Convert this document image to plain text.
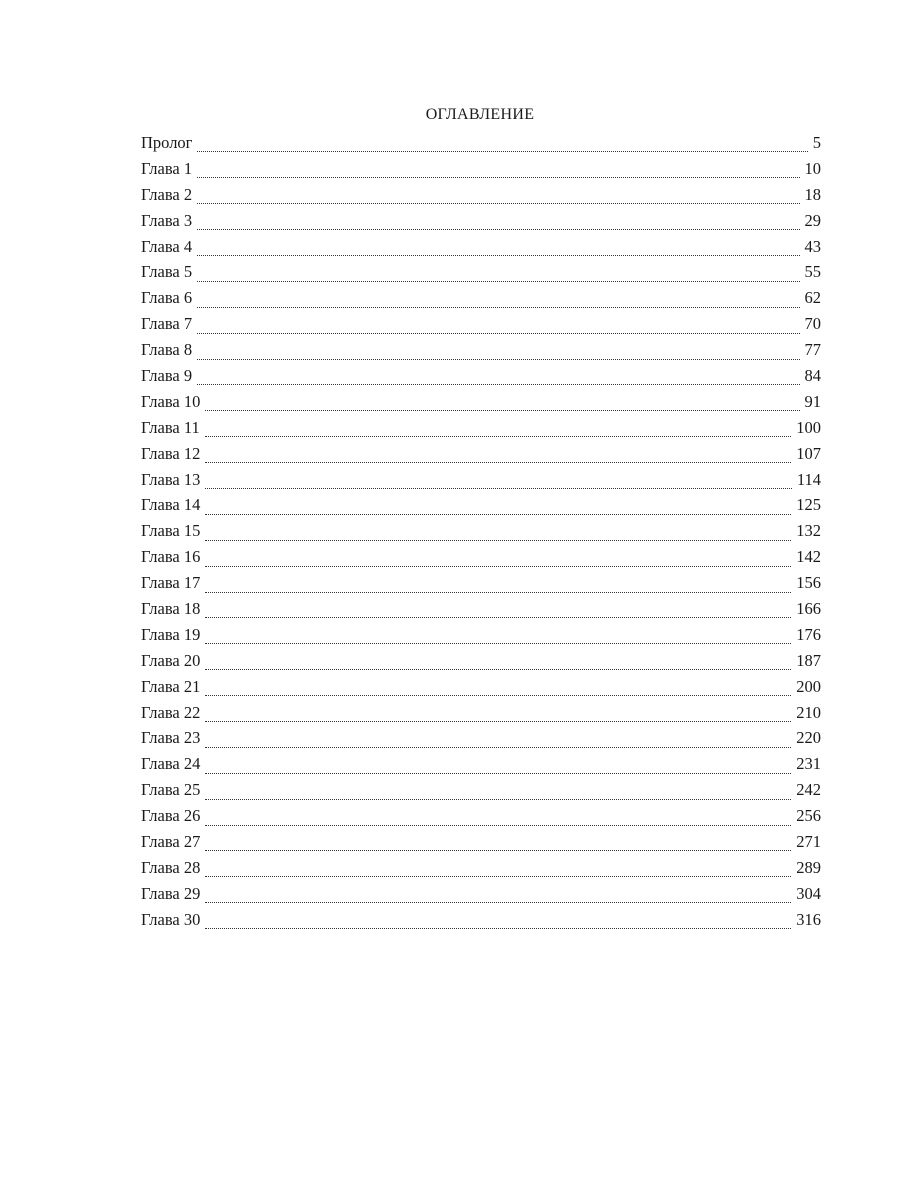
ОГЛАВЛЕНИЕ
Пролог	5
Глава 1	10
Глава 2	18
Глава 3	29
Глава 4	43
Глава 5	55
Глава 6	62
Глава 7	70
Глава 8	77
Глава 9	84
Глава 10	91
Глава 11	100
Глава 12	107
Глава 13	114
Глава 14	125
Глава 15	132
Глава 16	142
Глава 17	156
Глава 18	166
Глава 19	176
Глава 20	187
Глава 21	200
Глава 22	210
Глава 23	220
Глава 24	231
Глава 25	242
Глава 26	256
Глава 27	271
Глава 28	289
Глава 29	304
Глава 30	316
